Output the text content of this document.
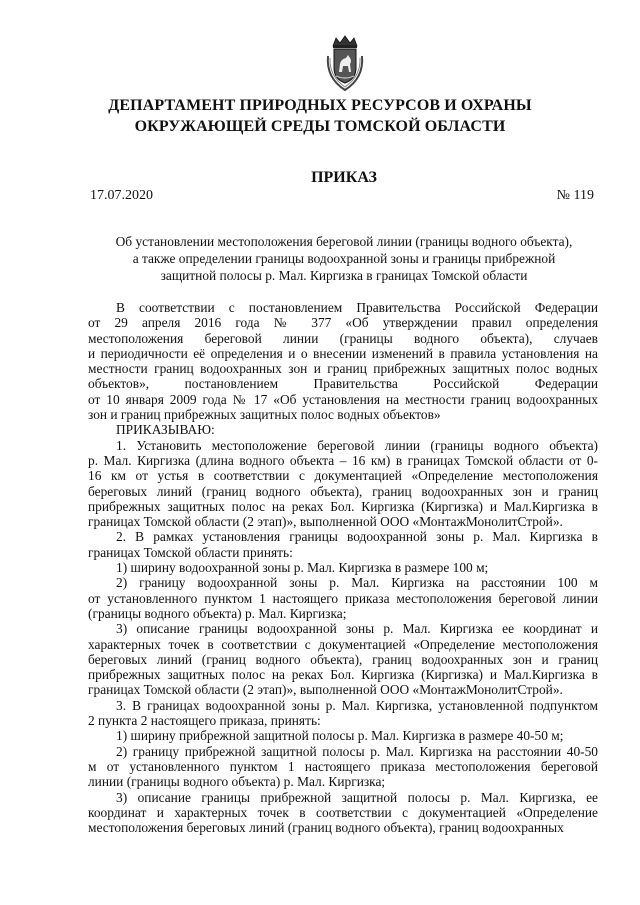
ДЕПАРТАМЕНТ ПРИРОДНЫХ РЕСУРСОВ И ОХРАНЫ
ОКРУЖАЮЩЕЙ СРЕДЫ ТОМСКОЙ ОБЛАСТИ
ПРИКАЗ
17.07.2020	№ 119
Об установлении местоположения береговой линии (границы водного объекта),
а также определении границы водоохранной зоны и границы прибрежной
защитной полосы р. Мал. Киргизка в границах Томской области

В соответствии с постановлением Правительства Российской Федерации

от 29 апреля 2016 года № 377 «Об утверждении правил определения

местоположения береговой линии (границы водного объекта), случаев

и периодичности её определения и о внесении изменений в правила установления на

местности границ водоохранных зон и границ прибрежных защитных полос водных

объектов», постановлением Правительства Российской Федерации

от 10 января 2009 года № 17 «Об установления на местности границ водоохранных

зон и границ прибрежных защитных полос водных объектов»

ПРИКАЗЫВАЮ:

1. Установить местоположение береговой линии (границы водного объекта)

р. Мал. Киргизка (длина водного объекта – 16 км) в границах Томской области от 0-

16 км от устья в соответствии с документацией «Определение местоположения

береговых линий (границ водного объекта), границ водоохранных зон и границ

прибрежных защитных полос на реках Бол. Киргизка (Киргизка) и Мал.Киргизка в

границах Томской области (2 этап)», выполненной ООО «МонтажМонолитСтрой».

2. В рамках установления границы водоохранной зоны р. Мал. Киргизка в

границах Томской области принять:

1) ширину водоохранной зоны р. Мал. Киргизка в размере 100 м;

2) границу водоохранной зоны р. Мал. Киргизка на расстоянии 100 м

от установленного пунктом 1 настоящего приказа местоположения береговой линии

(границы водного объекта) р. Мал. Киргизка;

3) описание границы водоохранной зоны р. Мал. Киргизка ее координат и

характерных точек в соответствии с документацией «Определение местоположения

береговых линий (границ водного объекта), границ водоохранных зон и границ

прибрежных защитных полос на реках Бол. Киргизка (Киргизка) и Мал.Киргизка в

границах Томской области (2 этап)», выполненной ООО «МонтажМонолитСтрой».

3. В границах водоохранной зоны р. Мал. Киргизка, установленной подпунктом

2 пункта 2 настоящего приказа, принять:

1) ширину прибрежной защитной полосы р. Мал. Киргизка в размере 40-50 м;

2) границу прибрежной защитной полосы р. Мал. Киргизка на расстоянии 40-50

м от установленного пунктом 1 настоящего приказа местоположения береговой

линии (границы водного объекта) р. Мал. Киргизка;

3) описание границы прибрежной защитной полосы р. Мал. Киргизка, ее

координат и характерных точек в соответствии с документацией «Определение

местоположения береговых линий (границ водного объекта), границ водоохранных
